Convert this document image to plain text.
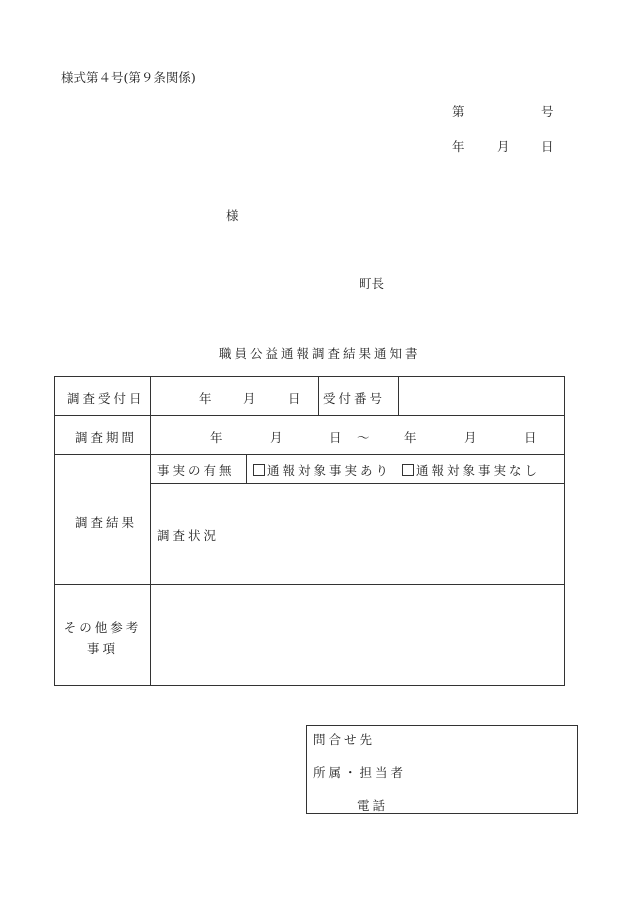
様式第４号(第９条関係)
第	号
年	月	日
様
町長
職員公益通報調査結果通知書
調査受付日	年	月	日 受付番号
調査期間	年	月	日 ～	年	月	日
調査結果
事実の有無	通報対象事実あり	通報対象事実なし
調査状況
その他参考
事項
問合せ先
所属・担当者
電話
